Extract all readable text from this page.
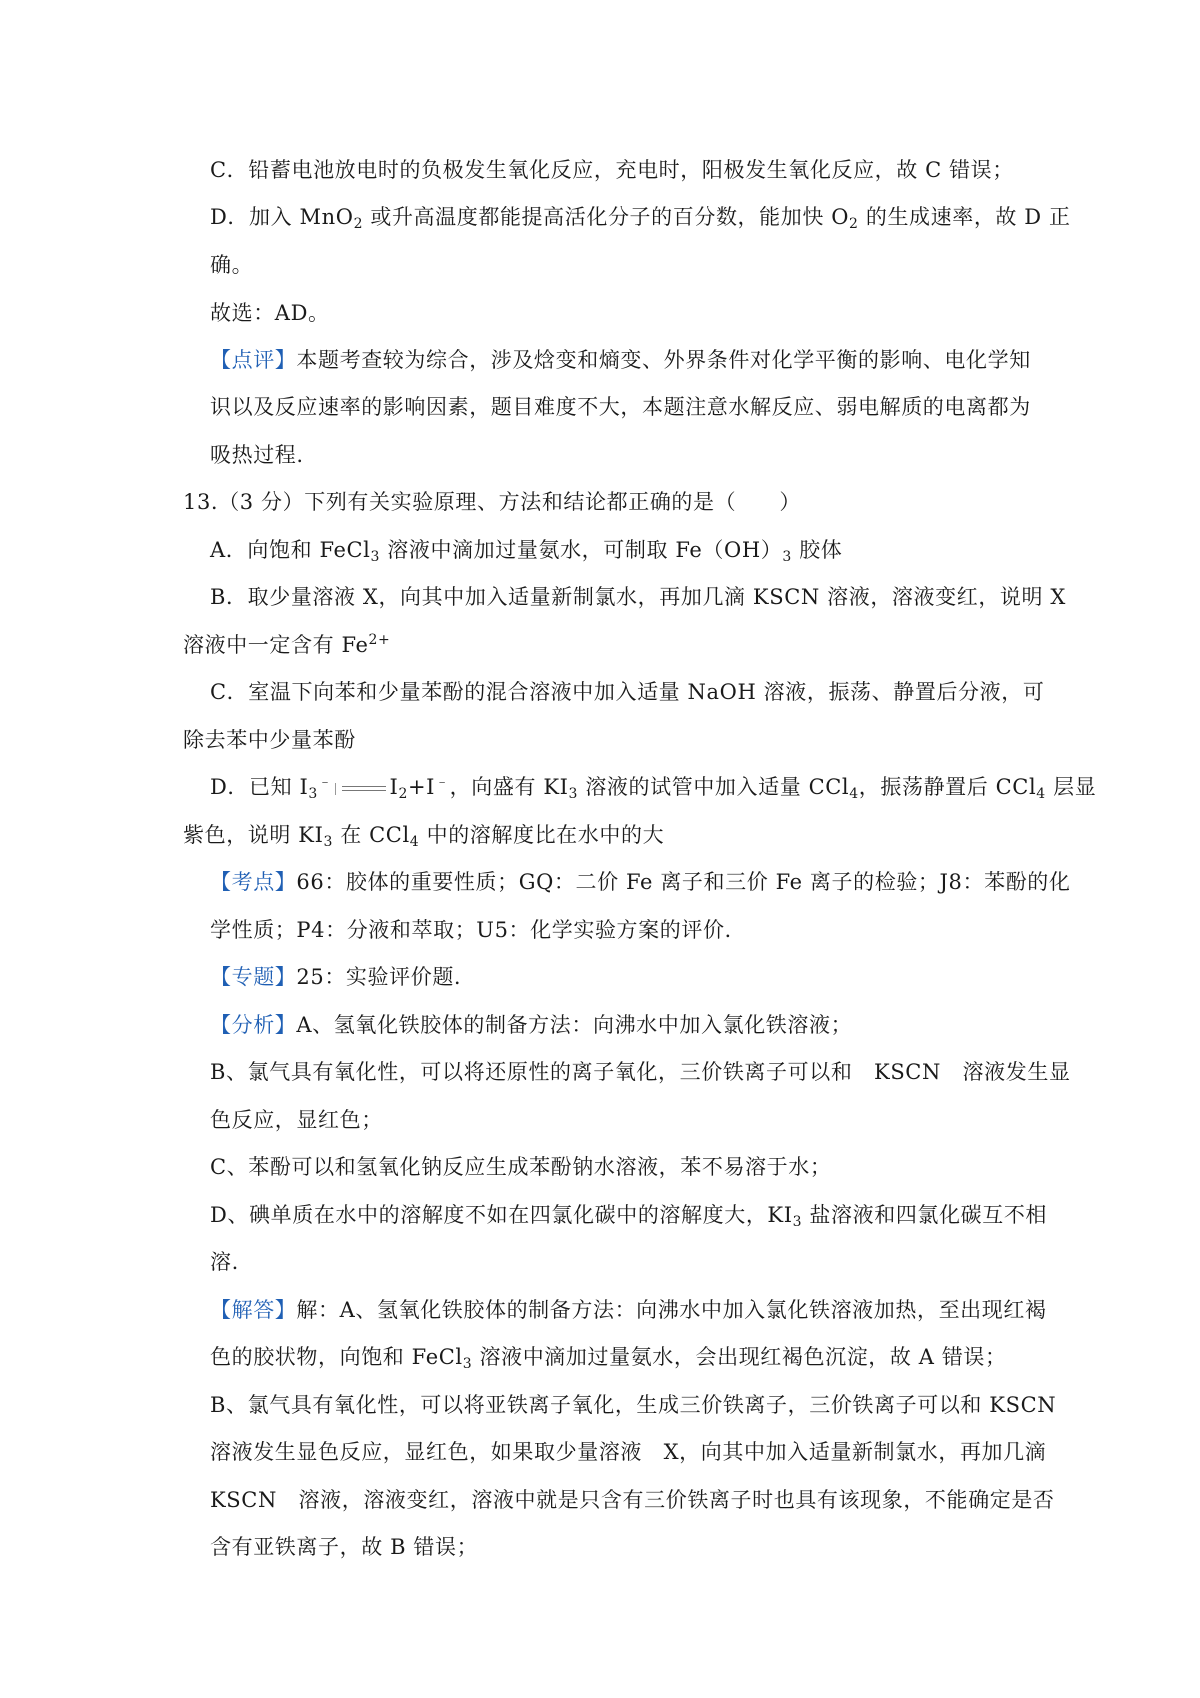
C．铅蓄电池放电时的负极发生氧化反应，充电时，阳极发生氧化反应，故 C 错误；
D．加入 MnO$_2$ 或升高温度都能提高活化分子的百分数，能加快 $O_2$ 的生成速率，故 D 正
确。
故选：AD。
【点评】本题考查较为综合，涉及焓变和熵变、外界条件对化学平衡的影响、电化学知
识以及反应速率的影响因素，题目难度不大，本题注意水解反应、弱电解质的电离都为
吸热过程.
13.（3 分）下列有关实验原理、方法和结论都正确的是（　　）
A．向饱和 FeCl$_3$ 溶液中滴加过量氨水，可制取 $Fe(OH)_3$ 胶体
B．取少量溶液 X，向其中加入适量新制氯水，再加几滴 KSCN 溶液，溶液变红，说明 X
溶液中一定含有 $Fe^{2+}$
C．室温下向苯和少量苯酚的混合溶液中加入适量 NaOH 溶液，振荡、静置后分液，可
除去苯中少量苯酚
D．已知 $I_3^﹣$	$I_2+I^﹣$，向盛有 $KI_3$ 溶液的试管中加入适量 CCl$_4$，振荡静置后 CCl$_4$ 层显
紫色，说明 $KI_3$ 在 CCl$_4$ 中的溶解度比在水中的大
【考点】66：胶体的重要性质；GQ：二价 Fe 离子和三价 Fe 离子的检验；J8：苯酚的化
学性质；P4：分液和萃取；U5：化学实验方案的评价.
【专题】25：实验评价题.
【分析】A、氢氧化铁胶体的制备方法：向沸水中加入氯化铁溶液；
B、氯气具有氧化性，可以将还原性的离子氧化，三价铁离子可以和　KSCN　溶液发生显
色反应，显红色；
C、苯酚可以和氢氧化钠反应生成苯酚钠水溶液，苯不易溶于水；
D、碘单质在水中的溶解度不如在四氯化碳中的溶解度大，$KI_3$ 盐溶液和四氯化碳互不相
溶.
【解答】解：A、氢氧化铁胶体的制备方法：向沸水中加入氯化铁溶液加热，至出现红褐
色的胶状物，向饱和 FeCl$_3$ 溶液中滴加过量氨水，会出现红褐色沉淀，故 A 错误；
B、氯气具有氧化性，可以将亚铁离子氧化，生成三价铁离子，三价铁离子可以和 KSCN
溶液发生显色反应，显红色，如果取少量溶液　X，向其中加入适量新制氯水，再加几滴
KSCN　溶液，溶液变红，溶液中就是只含有三价铁离子时也具有该现象，不能确定是否
含有亚铁离子，故 B 错误；
